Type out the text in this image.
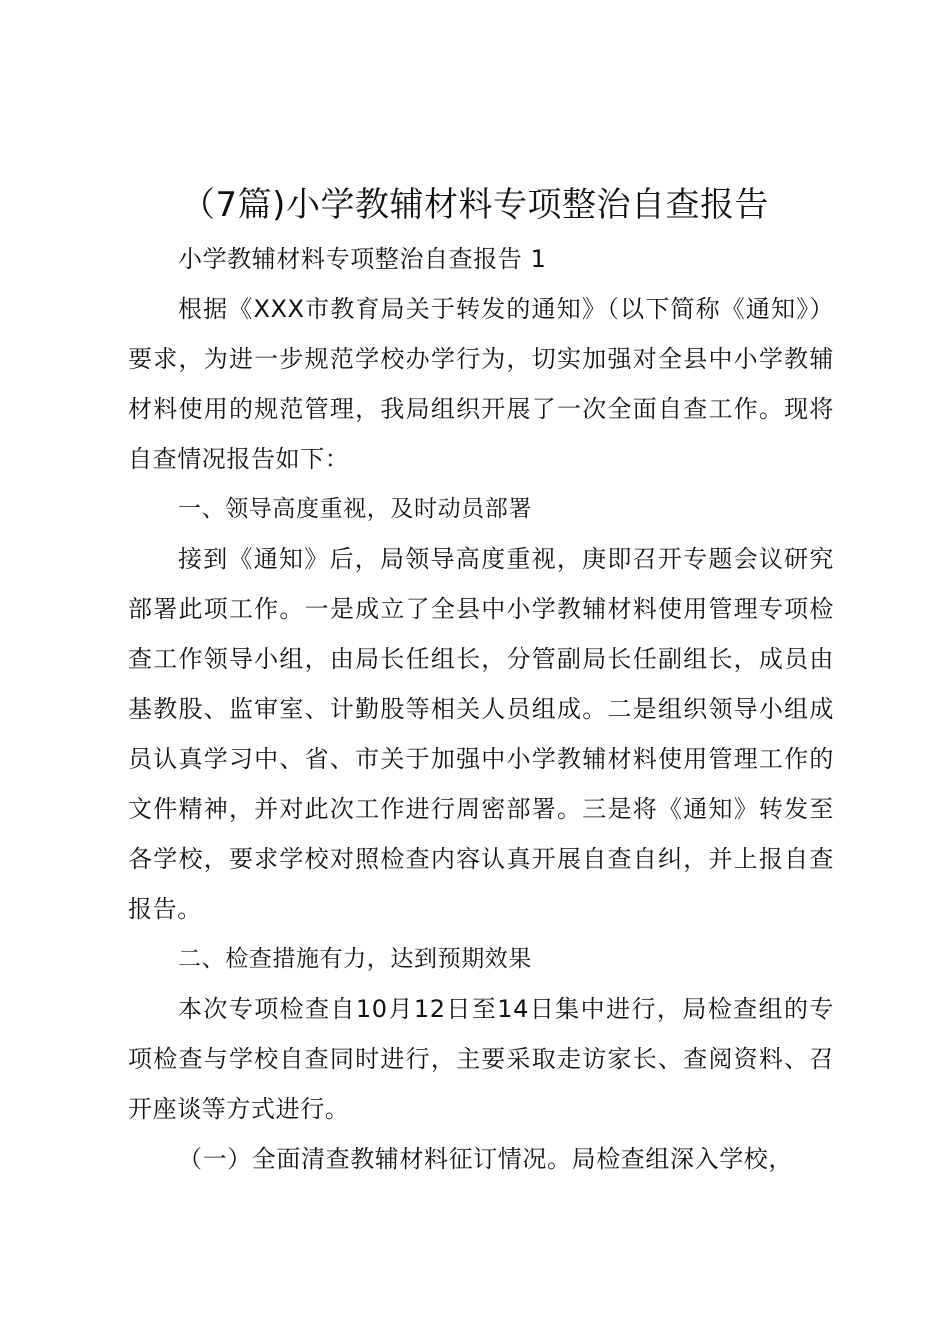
（7篇)小学教辅材料专项整治自查报告

小学教辅材料专项整治自查报告 1

根据《XXX市教育局关于转发的通知》（以下简称《通知》）要求，为进一步规范学校办学行为，切实加强对全县中小学教辅材料使用的规范管理，我局组织开展了一次全面自查工作。现将自查情况报告如下：

一、领导高度重视，及时动员部署

接到《通知》后，局领导高度重视，庚即召开专题会议研究部署此项工作。一是成立了全县中小学教辅材料使用管理专项检查工作领导小组，由局长任组长，分管副局长任副组长，成员由基教股、监审室、计勤股等相关人员组成。二是组织领导小组成员认真学习中、省、市关于加强中小学教辅材料使用管理工作的文件精神，并对此次工作进行周密部署。三是将《通知》转发至各学校，要求学校对照检查内容认真开展自查自纠，并上报自查报告。

二、检查措施有力，达到预期效果

本次专项检查自10月12日至14日集中进行，局检查组的专项检查与学校自查同时进行，主要采取走访家长、查阅资料、召开座谈等方式进行。

（一）全面清查教辅材料征订情况。局检查组深入学校，
